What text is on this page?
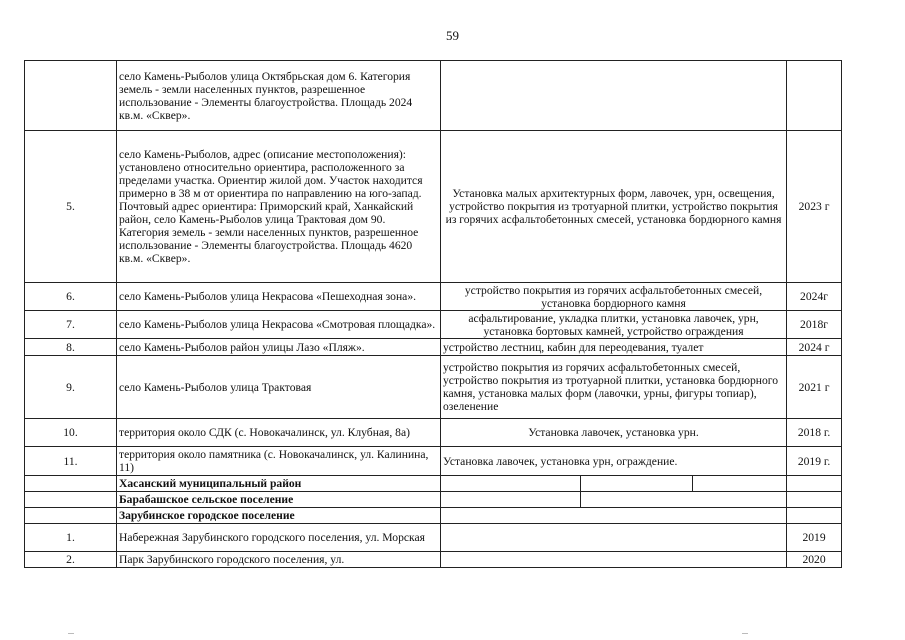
59
	село Камень-Рыболов улица Октябрьская дом 6. Категория земель - земли населенных пунктов, разрешенное использование - Элементы благоустройства. Площадь 2024 кв.м. «Сквер».				
5.	село Камень-Рыболов, адрес (описание местоположения): установлено относительно ориентира, расположенного за пределами участка. Ориентир жилой дом. Участок находится примерно в 38 м от ориентира по направлению на юго-запад. Почтовый адрес ориентира: Приморский край, Ханкайский район, село Камень-Рыболов улица Трактовая дом 90. Категория земель - земли населенных пунктов, разрешенное использование - Элементы благоустройства. Площадь 4620 кв.м. «Сквер».	Установка малых архитектурных форм, лавочек, урн, освещения, устройство покрытия из тротуарной плитки, устройство покрытия из горячих асфальтобетонных смесей, установка бордюрного камня			2023 г
6.	село Камень-Рыболов улица Некрасова «Пешеходная зона».	устройство покрытия из горячих асфальтобетонных смесей, установка бордюрного камня			2024г
7.	село Камень-Рыболов улица Некрасова «Смотровая площадка».	асфальтирование, укладка плитки, установка лавочек, урн, установка бортовых камней, устройство ограждения			2018г
8.	село Камень-Рыболов район улицы Лазо «Пляж».	устройство лестниц, кабин для переодевания, туалет			2024 г
9.	село Камень-Рыболов улица Трактовая	устройство покрытия из горячих асфальтобетонных смесей, устройство покрытия из тротуарной плитки, установка бордюрного камня, установка малых форм (лавочки, урны, фигуры топиар), озеленение			2021 г
10.	территория около СДК (с. Новокачалинск, ул. Клубная, 8а)	Установка лавочек, установка урн.			2018 г.
11.	территория около памятника (с. Новокачалинск, ул. Калинина, 11)	Установка лавочек, установка урн, ограждение.			2019 г.
	Хасанский муниципальный район				
	Барабашское сельское поселение				
	Зарубинское городское поселение				
1.	Набережная Зарубинского городского поселения, ул. Морская				2019
2.	Парк Зарубинского городского поселения, ул.				2020
